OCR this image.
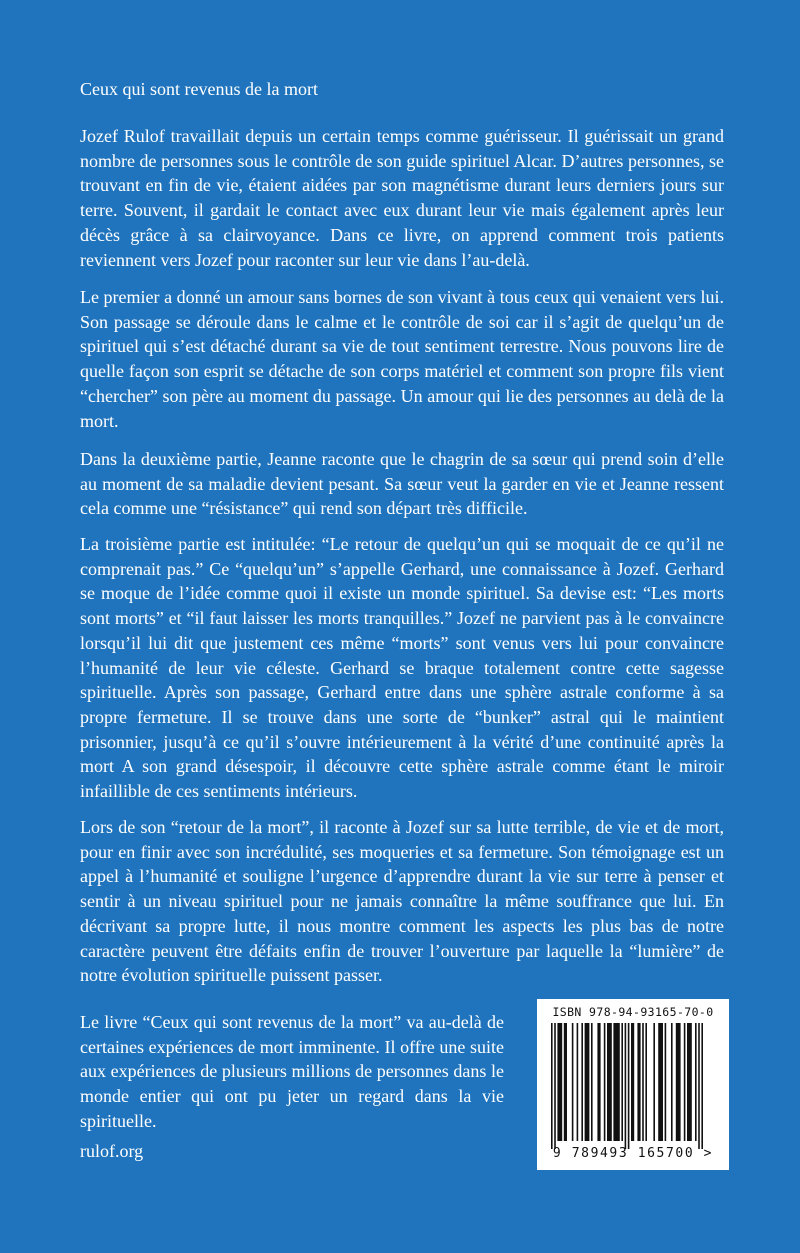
Ceux qui sont revenus de la mort

Jozef Rulof travaillait depuis un certain temps comme guérisseur. Il guérissait un grand nombre de personnes sous le contrôle de son guide spirituel Alcar. D’autres personnes, se trouvant en fin de vie, étaient aidées par son magnétisme durant leurs derniers jours sur terre. Souvent, il gardait le contact avec eux durant leur vie mais également après leur décès grâce à sa clairvoyance. Dans ce livre, on apprend comment trois patients reviennent vers Jozef pour raconter sur leur vie dans l’au-delà.

Le premier a donné un amour sans bornes de son vivant à tous ceux qui venaient vers lui. Son passage se déroule dans le calme et le contrôle de soi car il s’agit de quelqu’un de spirituel qui s’est détaché durant sa vie de tout sentiment terrestre. Nous pouvons lire de quelle façon son esprit se détache de son corps matériel et comment son propre fils vient “chercher” son père au moment du passage. Un amour qui lie des personnes au delà de la mort.

Dans la deuxième partie, Jeanne raconte que le chagrin de sa sœur qui prend soin d’elle au moment de sa maladie devient pesant. Sa sœur veut la garder en vie et Jeanne ressent cela comme une “résistance” qui rend son départ très difficile.

La troisième partie est intitulée: “Le retour de quelqu’un qui se moquait de ce qu’il ne comprenait pas.” Ce “quelqu’un” s’appelle Gerhard, une connaissance à Jozef. Gerhard se moque de l’idée comme quoi il existe un monde spirituel. Sa devise est: “Les morts sont morts” et “il faut laisser les morts tranquilles.” Jozef ne parvient pas à le convaincre lorsqu’il lui dit que justement ces même “morts” sont venus vers lui pour convaincre l’humanité de leur vie céleste. Gerhard se braque totalement contre cette sagesse spirituelle. Après son passage, Gerhard entre dans une sphère astrale conforme à sa propre fermeture. Il se trouve dans une sorte de “bunker” astral qui le maintient prisonnier, jusqu’à ce qu’il s’ouvre intérieurement à la vérité d’une continuité après la mort A son grand désespoir, il découvre cette sphère astrale comme étant le miroir infaillible de ces sentiments intérieurs.

Lors de son “retour de la mort”, il raconte à Jozef sur sa lutte terrible, de vie et de mort, pour en finir avec son incrédulité, ses moqueries et sa fermeture. Son témoignage est un appel à l’humanité et souligne l’urgence d’apprendre durant la vie sur terre à penser et sentir à un niveau spirituel pour ne jamais connaître la même souffrance que lui. En décrivant sa propre lutte, il nous montre comment les aspects les plus bas de notre caractère peuvent être défaits enfin de trouver l’ouverture par laquelle la “lumière” de notre évolution spirituelle puissent passer.

Le livre “Ceux qui sont revenus de la mort” va au-delà de certaines expériences de mort imminente. Il offre une suite aux expériences de plusieurs millions de personnes dans le monde entier qui ont pu jeter un regard dans la vie spirituelle.

rulof.org
ISBN 978-94-93165-70-0
9 789493 165700 >
